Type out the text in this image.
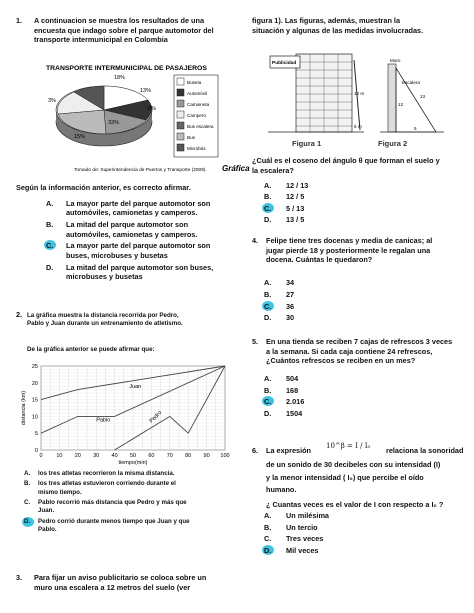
1. A continuacion se muestra los resultados de una
encuesta que indago sobre el parque automotor del
transporte intermunicipal en Colombia
TRANSPORTE INTERMUNICIPAL DE PASAJEROS
18%
13%
8%
33%
3%
15%
Buseta
Automóvil
Camioneta
Campero
Bus escalera
Bus
Microbús
Tomado de: Superintendencia de Puertos y Transporte (2009). Gráfica
Según la información anterior, es correcto afirmar.
A. La mayor parte del parque automotor son
automóviles, camionetas y camperos.
B. La mitad del parque automotor son
automóviles, camionetas y camperos.
C. La mayor parte del parque automotor son
buses, microbuses y busetas
D. La mitad del parque automotor son buses,
microbuses y busetas
2. La gráfica muestra la distancia recorrida por Pedro,
Pablo y Juan durante un entrenamiento de atletismo.
De la gráfica anterior se puede afirmar que:
0	10 20 30 40 50 60 70 80 90 100
0
5
10
15
20
25
tiempo(min)
distancia (km)
Juan
Pablo	Pedro
A. los tres atletas recorrieron la misma distancia.
B. los tres atletas estuvieron corriendo durante el
mismo tiempo.
C. Pablo recorrió más distancia que Pedro y más que
Juan.
D. Pedro corrió durante menos tiempo que Juan y que
Pablo.
3. Para fijar un aviso publicitario se coloca sobre un
muro una escalera a 12 metros del suelo (ver
figura 1). Las figuras, además, muestran la
situación y algunas de las medidas involucradas.
Publicidad
12 m
5 m
Figura 1
Muro
Escalera
13
12
5
Figura 2
¿Cuál es el coseno del ángulo θ que forman el suelo y
la escalera?
A. 12 / 13
B. 12 / 5
C. 5 / 13
D. 13 / 5
4. Felipe tiene tres docenas y media de canicas; al
jugar pierde 18 y posteriormente le regalan una
docena. Cuántas le quedaron?
A. 34
B. 27
C. 36
D. 30
5. En una tienda se reciben 7 cajas de refrescos 3 veces
a la semana. Si cada caja contiene 24 refrescos,
¿Cuántos refrescos se reciben en un mes?
A. 504
B. 168
C. 2.016
D. 1504
6. La expresión 10^β = I / I₀ relaciona la sonoridad
de un sonido de 30 decibeles con su intensidad (I)
y la menor intensidad ( I₀) que percibe el oído
humano.
¿ Cuantas veces es el valor de I con respecto a I₀ ?
A. Un milésima
B. Un tercio
C. Tres veces
D. Mil veces
